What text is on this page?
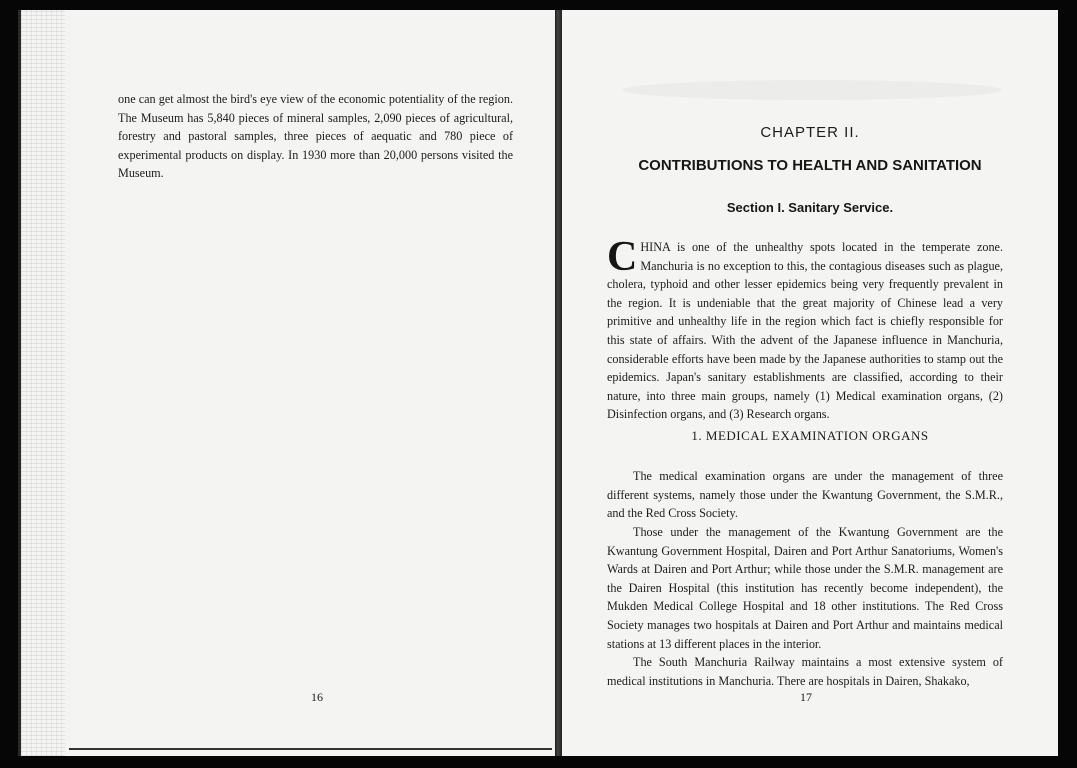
one can get almost the bird's eye view of the economic potentiality of the region. The Museum has 5,840 pieces of mineral samples, 2,090 pieces of agricultural, forestry and pastoral samples, three pieces of aequatic and 780 piece of experimental products on display. In 1930 more than 20,000 persons visited the Museum.

16
CHAPTER II.
CONTRIBUTIONS TO HEALTH AND SANITATION
Section I. Sanitary Service.

CHINA is one of the unhealthy spots located in the temperate zone. Manchuria is no exception to this, the contagious diseases such as plague, cholera, typhoid and other lesser epidemics being very frequently prevalent in the region. It is undeniable that the great majority of Chinese lead a very primitive and unhealthy life in the region which fact is chiefly responsible for this state of affairs. With the advent of the Japanese influence in Manchuria, considerable efforts have been made by the Japanese authorities to stamp out the epidemics. Japan's sanitary establishments are classified, according to their nature, into three main groups, namely (1) Medical examination organs, (2) Disinfection organs, and (3) Research organs.

1. MEDICAL EXAMINATION ORGANS

The medical examination organs are under the management of three different systems, namely those under the Kwantung Government, the S.M.R., and the Red Cross Society.

Those under the management of the Kwantung Government are the Kwantung Government Hospital, Dairen and Port Arthur Sanatoriums, Women's Wards at Dairen and Port Arthur; while those under the S.M.R. management are the Dairen Hospital (this institution has recently become independent), the Mukden Medical College Hospital and 18 other institutions. The Red Cross Society manages two hospitals at Dairen and Port Arthur and maintains medical stations at 13 different places in the interior.

The South Manchuria Railway maintains a most extensive system of medical institutions in Manchuria. There are hospitals in Dairen, Shakako,

17
